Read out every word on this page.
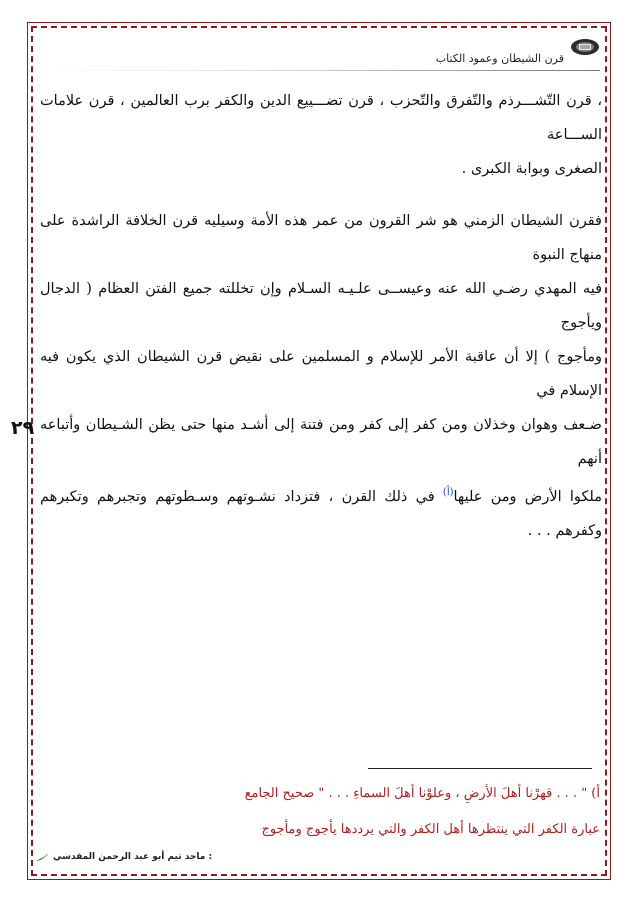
قرن الشيطان وعمود الكتاب

، قرن التّشـــرذم والتّفرق والتّحزب ، قرن تضـــييع الدين والكفر برب العالمين ، قرن علامات الســـاعة

الصغرى وبوابة الكبرى .

فقرن الشيطان الزمني هو شر القرون من عمر هذه الأمة وسيليه قرن الخلافة الراشدة على منهاج النبوة

فيه المهدي رضـي الله عنه وعيســى علـيـه السـلام وإن تخللته جميع الفتن العظام ( الدجال ويأجوج

ومأجوج ) إلا أن عاقبة الأمر للإسلام و المسلمين على نقيض قرن الشيطان الذي يكون فيه الإسلام في

ضـعف وهوان وخذلان ومن كفر إلى كفر ومن فتنة إلى أشـد منها حتى يظن الشـيطان وأتباعه أنهم

ملكوا الأرض ومن عليها$^{(أ)}$ في ذلك القرن ، فتزداد نشـوتهم وسـطوتهم وتجبرهم وتكبرهم وكفرهم . . .

٢٩
أ) " . . . قهرْنا أهلَ الأرضِ ، وعلوْنا أهلَ السماءِ . . . " صحيح الجامع
عبارة الكفر التي ينتظرها أهل الكفر والتي يرددها يأجوج ومأجوج
: ماجد تيم أبو عبد الرحمن المقدسي
